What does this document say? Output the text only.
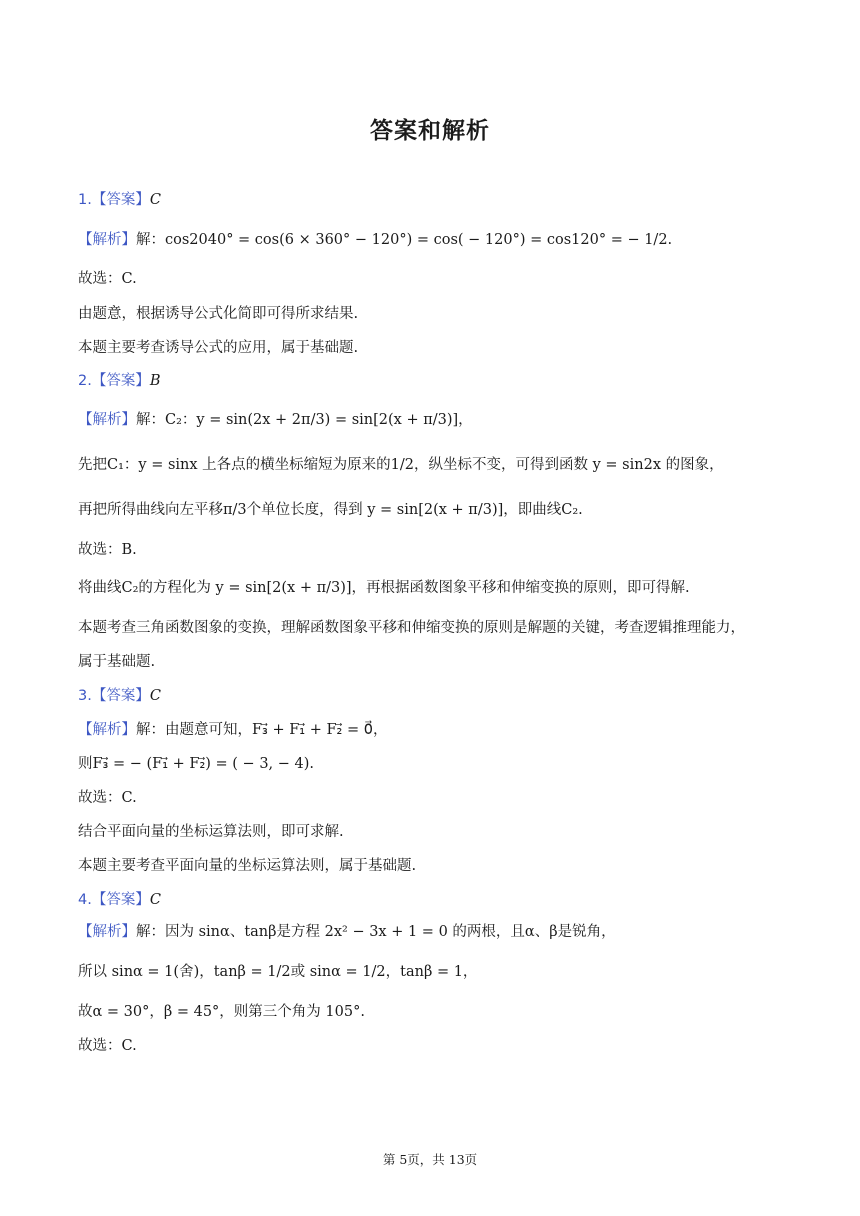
答案和解析
1.【答案】C
【解析】解：cos2040° = cos(6 × 360° − 120°) = cos( − 120°) = cos120° = − 1/2.
故选：C.
由题意，根据诱导公式化简即可得所求结果.
本题主要考查诱导公式的应用，属于基础题.
2.【答案】B
【解析】解：C₂：y = sin(2x + 2π/3) = sin[2(x + π/3)]，
先把C₁：y = sinx 上各点的横坐标缩短为原来的1/2，纵坐标不变，可得到函数 y = sin2x 的图象，
再把所得曲线向左平移π/3个单位长度，得到 y = sin[2(x + π/3)]，即曲线C₂.
故选：B.
将曲线C₂的方程化为 y = sin[2(x + π/3)]，再根据函数图象平移和伸缩变换的原则，即可得解.
本题考查三角函数图象的变换，理解函数图象平移和伸缩变换的原则是解题的关键，考查逻辑推理能力，
属于基础题.
3.【答案】C
【解析】解：由题意可知，F₃⃗ + F₁⃗ + F₂⃗ = 0⃗，
则F₃⃗ = − (F₁⃗ + F₂⃗) = ( − 3, − 4).
故选：C.
结合平面向量的坐标运算法则，即可求解.
本题主要考查平面向量的坐标运算法则，属于基础题.
4.【答案】C
【解析】解：因为 sinα、tanβ是方程 2x² − 3x + 1 = 0 的两根，且α、β是锐角，
所以 sinα = 1(舍)，tanβ = 1/2或 sinα = 1/2，tanβ = 1，
故α = 30°，β = 45°，则第三个角为 105°.
故选：C.
第 5页，共 13页
